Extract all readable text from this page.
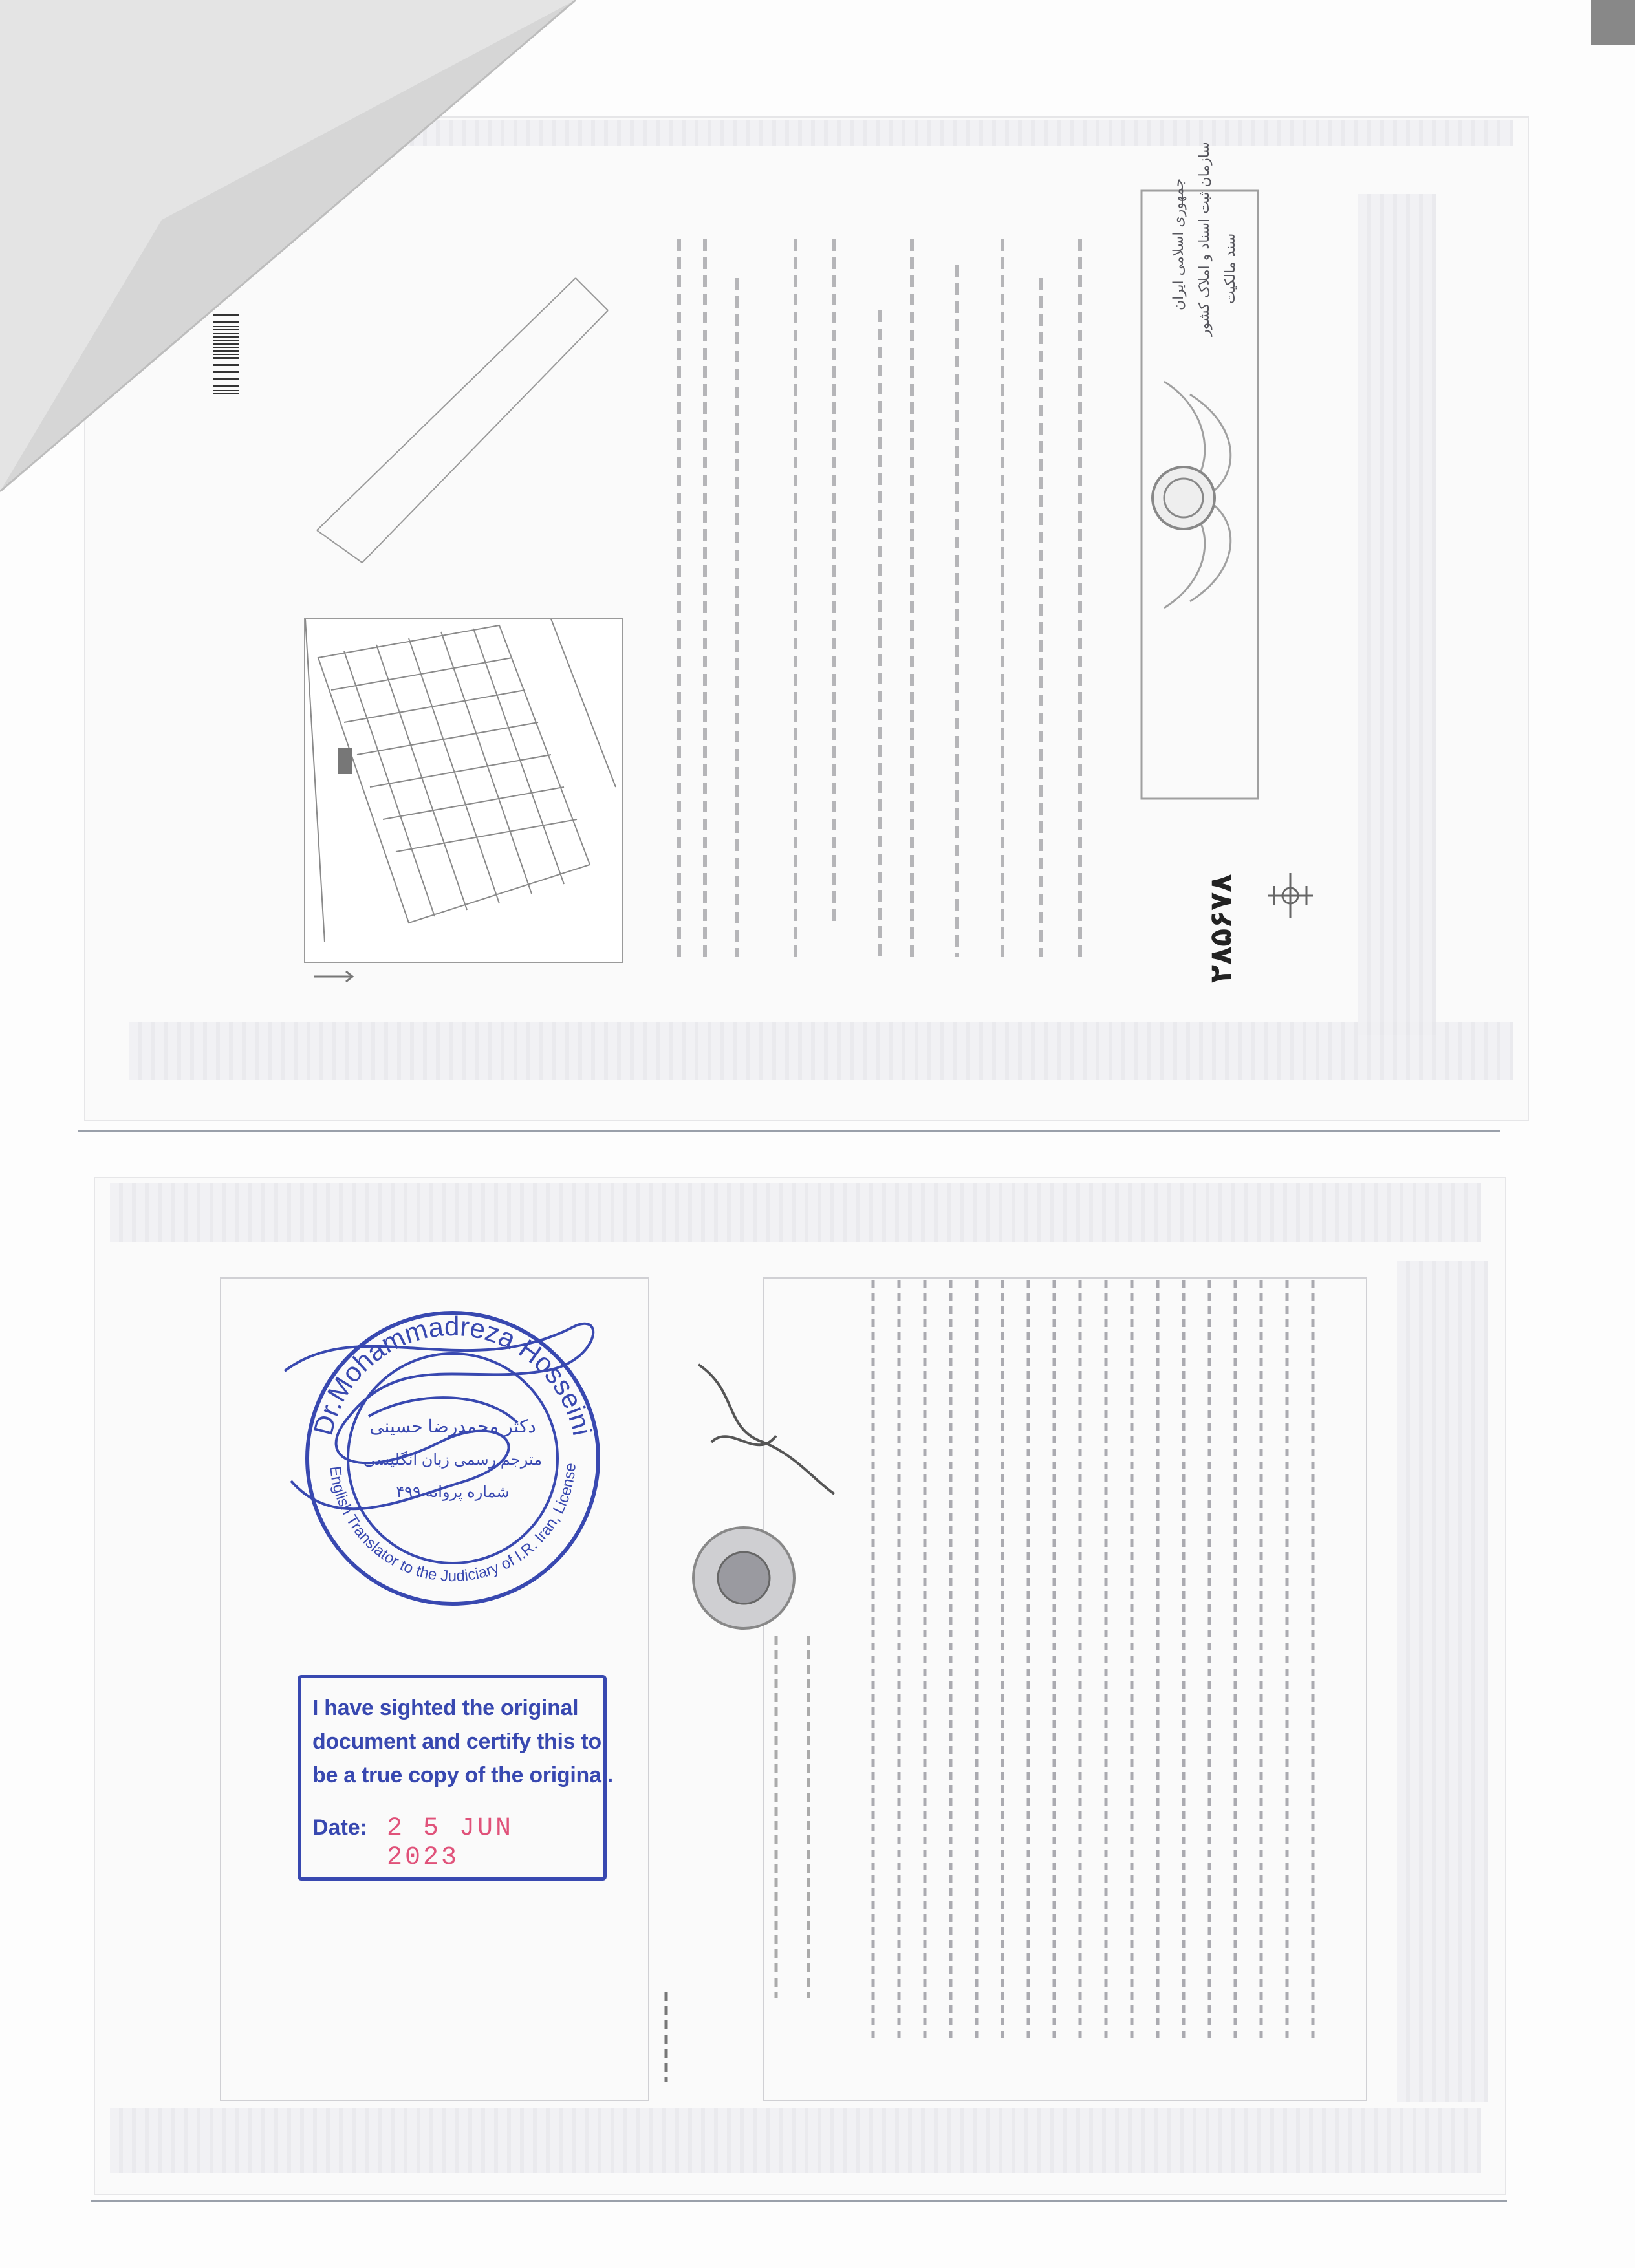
۲۸۵۶۷۸
جمهوری اسلامی ایران سازمان ثبت اسناد و املاک کشور سند مالکیت
Dr.Mohammadreza Hosseini
English Translator to the Judiciary of I.R. Iran, License
دکتر محمدرضا حسینی
مترجم رسمی زبان انگلیسی
شماره پروانه ۴۹۹
I have sighted the original
document and certify this to
be a true copy of the original.
Date: 2 5 JUN 2023
